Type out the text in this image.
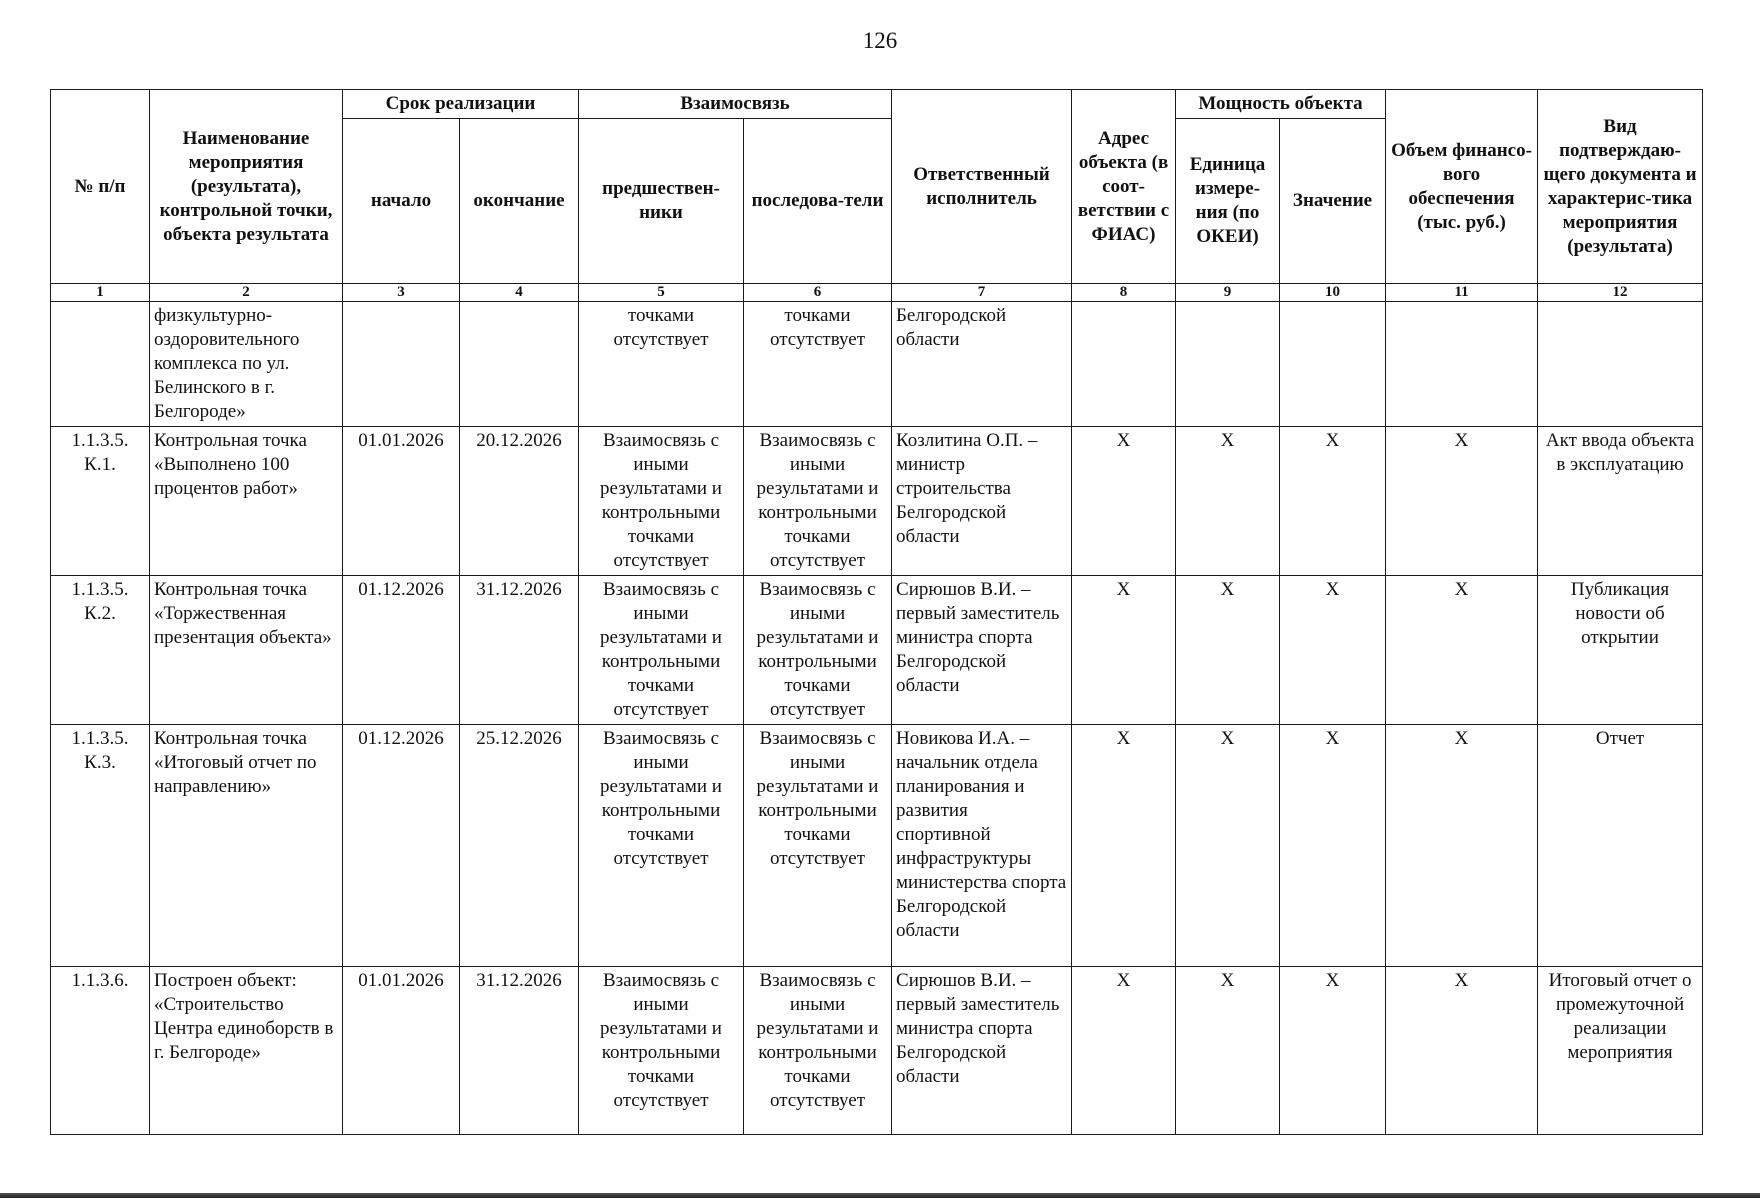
126
№ п/п	Наименование мероприятия (результата), контрольной точки, объекта результата	Срок реализации		Взаимосвязь		Ответственный исполнитель	Адрес объекта (в соот-ветствии с ФИАС)	Мощность объекта		Объем финансо-вого обеспечения (тыс. руб.)	Вид подтверждаю-щего документа и характерис-тика мероприятия (результата)
		начало	окончание	предшествен-ники	последова-тели			Единица измере-ния (по ОКЕИ)	Значение		
1	2	3	4	5	6	7	8	9	10	11	12
	физкультурно-оздоровительного комплекса по ул. Белинского в г. Белгороде»			точками отсутствует	точками отсутствует	Белгородской области					
1.1.3.5. К.1.	Контрольная точка «Выполнено 100 процентов работ»	01.01.2026	20.12.2026	Взаимосвязь с иными результатами и контрольными точками отсутствует	Взаимосвязь с иными результатами и контрольными точками отсутствует	Козлитина О.П. – министр строительства Белгородской области	X	X	X	X	Акт ввода объекта в эксплуатацию
1.1.3.5. К.2.	Контрольная точка «Торжественная презентация объекта»	01.12.2026	31.12.2026	Взаимосвязь с иными результатами и контрольными точками отсутствует	Взаимосвязь с иными результатами и контрольными точками отсутствует	Сирюшов В.И. – первый заместитель министра спорта Белгородской области	X	X	X	X	Публикация новости об открытии
1.1.3.5. К.3.	Контрольная точка «Итоговый отчет по направлению»	01.12.2026	25.12.2026	Взаимосвязь с иными результатами и контрольными точками отсутствует	Взаимосвязь с иными результатами и контрольными точками отсутствует	Новикова И.А. – начальник отдела планирования и развития спортивной инфраструктуры министерства спорта Белгородской области	X	X	X	X	Отчет
1.1.3.6.	Построен объект: «Строительство Центра единоборств в г. Белгороде»	01.01.2026	31.12.2026	Взаимосвязь с иными результатами и контрольными точками отсутствует	Взаимосвязь с иными результатами и контрольными точками отсутствует	Сирюшов В.И. – первый заместитель министра спорта Белгородской области	X	X	X	X	Итоговый отчет о промежуточной реализации мероприятия
